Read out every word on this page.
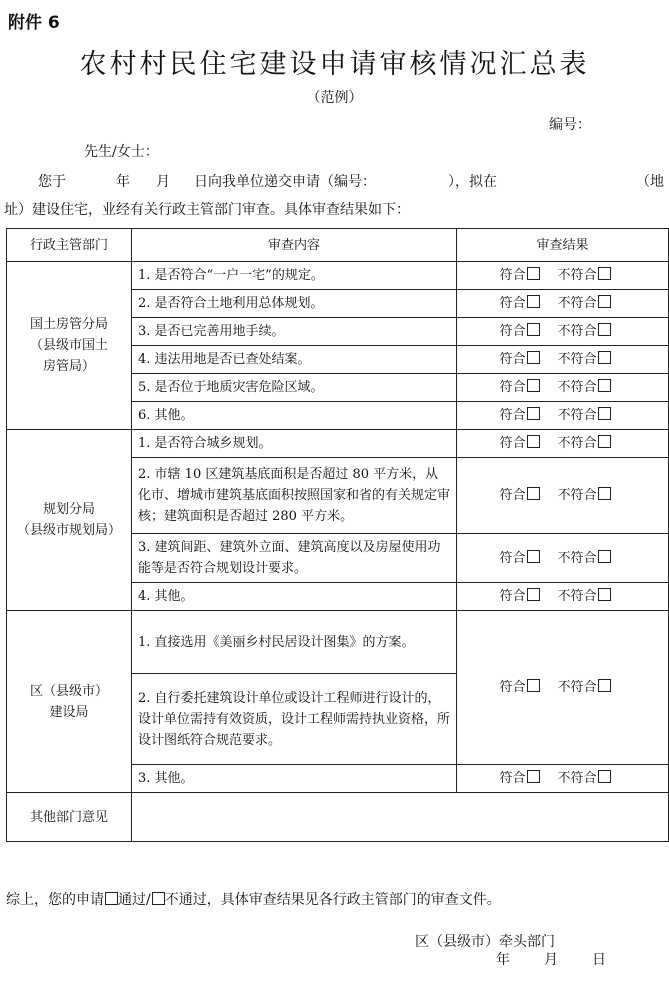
附件 6
农村村民住宅建设申请审核情况汇总表
（范例）
编号：
先生/女士：
您于	年 月 日向我单位递交申请（编号：	），拟在	（地
址）建设住宅，业经有关行政主管部门审查。具体审查结果如下：
行政主管部门	审查内容	审查结果

国土房管分局
（县级市国土
房管局）	1. 是否符合“一户一宅”的规定。	符合 不符合
	2. 是否符合土地利用总体规划。	符合 不符合
	3. 是否已完善用地手续。	符合 不符合
	4. 违法用地是否已查处结案。	符合 不符合
	5. 是否位于地质灾害危险区域。	符合 不符合
	6. 其他。	符合 不符合

规划分局
（县级市规划局）	1. 是否符合城乡规划。	符合 不符合
	2. 市辖 10 区建筑基底面积是否超过 80 平方米，从化市、增城市建筑基底面积按照国家和省的有关规定审核；建筑面积是否超过 280 平方米。	符合 不符合
	3. 建筑间距、建筑外立面、建筑高度以及房屋使用功能等是否符合规划设计要求。	符合 不符合
	4. 其他。	符合 不符合

区（县级市）
建设局	1. 直接选用《美丽乡村民居设计图集》的方案。	符合 不符合
	2. 自行委托建筑设计单位或设计工程师进行设计的，设计单位需持有效资质，设计工程师需持执业资格，所设计图纸符合规范要求。	
	3. 其他。	符合 不符合
其他部门意见		
综上，您的申请 通过/ 不通过，具体审查结果见各行政主管部门的审查文件。
区（县级市）牵头部门
年 月 日
